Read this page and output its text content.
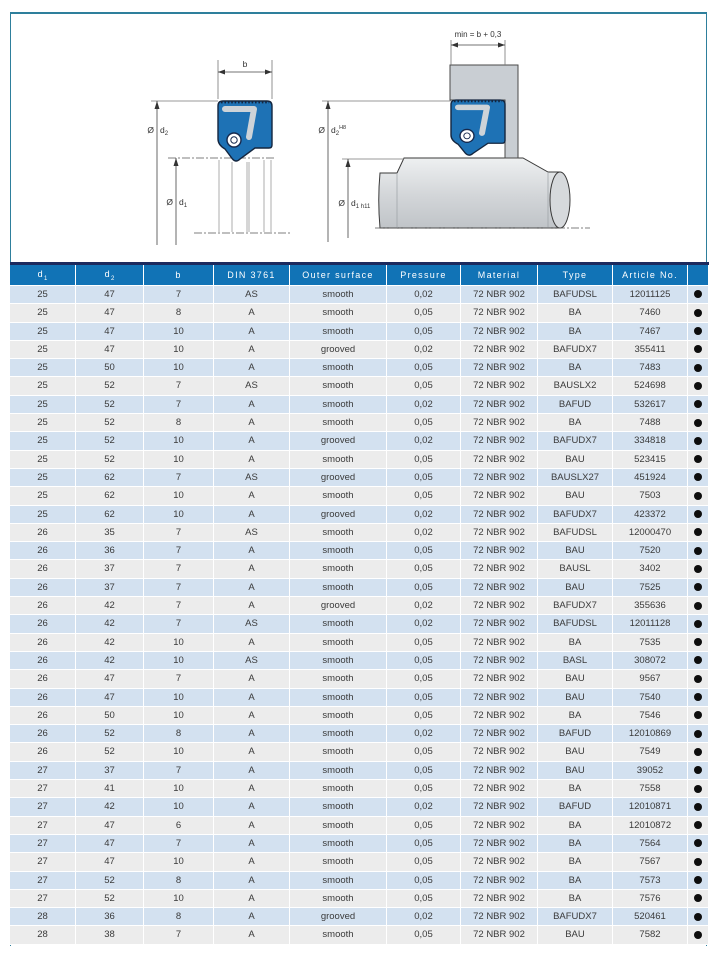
b
Ø $d_2$
Ø $d_1$
min = b + 0,3
Ø $d_2^{H8}$
Ø $d_{1 h11}$
$d_1$	$d_2$	b	DIN 3761	Outer surface	Pressure	Material	Type	Article No.	
25	47	7	AS	smooth	0,02	72 NBR 902	BAFUDSL	12011125	
25	47	8	A	smooth	0,05	72 NBR 902	BA	7460	
25	47	10	A	smooth	0,05	72 NBR 902	BA	7467	
25	47	10	A	grooved	0,02	72 NBR 902	BAFUDX7	355411	
25	50	10	A	smooth	0,05	72 NBR 902	BA	7483	
25	52	7	AS	smooth	0,05	72 NBR 902	BAUSLX2	524698	
25	52	7	A	smooth	0,02	72 NBR 902	BAFUD	532617	
25	52	8	A	smooth	0,05	72 NBR 902	BA	7488	
25	52	10	A	grooved	0,02	72 NBR 902	BAFUDX7	334818	
25	52	10	A	smooth	0,05	72 NBR 902	BAU	523415	
25	62	7	AS	grooved	0,05	72 NBR 902	BAUSLX27	451924	
25	62	10	A	smooth	0,05	72 NBR 902	BAU	7503	
25	62	10	A	grooved	0,02	72 NBR 902	BAFUDX7	423372	
26	35	7	AS	smooth	0,02	72 NBR 902	BAFUDSL	12000470	
26	36	7	A	smooth	0,05	72 NBR 902	BAU	7520	
26	37	7	A	smooth	0,05	72 NBR 902	BAUSL	3402	
26	37	7	A	smooth	0,05	72 NBR 902	BAU	7525	
26	42	7	A	grooved	0,02	72 NBR 902	BAFUDX7	355636	
26	42	7	AS	smooth	0,02	72 NBR 902	BAFUDSL	12011128	
26	42	10	A	smooth	0,05	72 NBR 902	BA	7535	
26	42	10	AS	smooth	0,05	72 NBR 902	BASL	308072	
26	47	7	A	smooth	0,05	72 NBR 902	BAU	9567	
26	47	10	A	smooth	0,05	72 NBR 902	BAU	7540	
26	50	10	A	smooth	0,05	72 NBR 902	BA	7546	
26	52	8	A	smooth	0,02	72 NBR 902	BAFUD	12010869	
26	52	10	A	smooth	0,05	72 NBR 902	BAU	7549	
27	37	7	A	smooth	0,05	72 NBR 902	BAU	39052	
27	41	10	A	smooth	0,05	72 NBR 902	BA	7558	
27	42	10	A	smooth	0,02	72 NBR 902	BAFUD	12010871	
27	47	6	A	smooth	0,05	72 NBR 902	BA	12010872	
27	47	7	A	smooth	0,05	72 NBR 902	BA	7564	
27	47	10	A	smooth	0,05	72 NBR 902	BA	7567	
27	52	8	A	smooth	0,05	72 NBR 902	BA	7573	
27	52	10	A	smooth	0,05	72 NBR 902	BA	7576	
28	36	8	A	grooved	0,02	72 NBR 902	BAFUDX7	520461	
28	38	7	A	smooth	0,05	72 NBR 902	BAU	7582	
